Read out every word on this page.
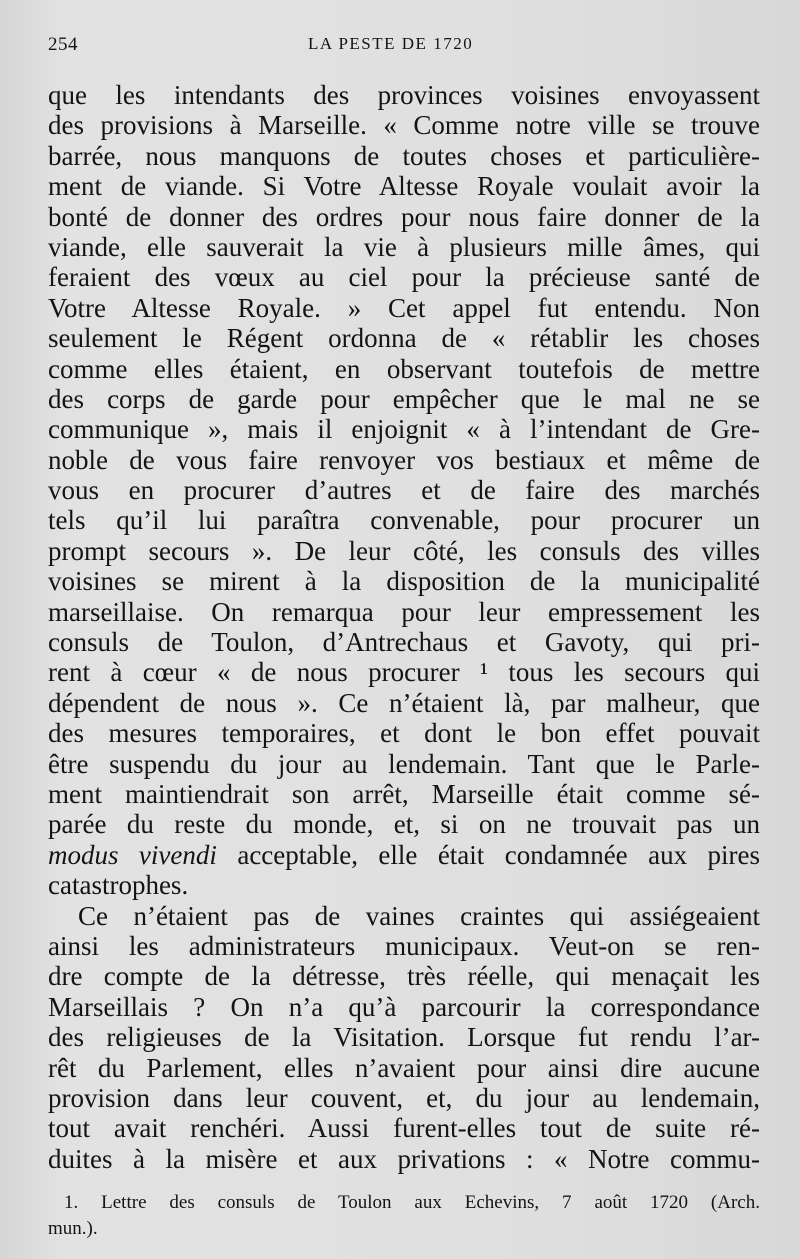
254	LA PESTE DE 1720
que les intendants des provinces voisines envoyassent
des provisions à Marseille. « Comme notre ville se trouve
barrée, nous manquons de toutes choses et particulière-
ment de viande. Si Votre Altesse Royale voulait avoir la
bonté de donner des ordres pour nous faire donner de la
viande, elle sauverait la vie à plusieurs mille âmes, qui
feraient des vœux au ciel pour la précieuse santé de
Votre Altesse Royale. » Cet appel fut entendu. Non
seulement le Régent ordonna de « rétablir les choses
comme elles étaient, en observant toutefois de mettre
des corps de garde pour empêcher que le mal ne se
communique », mais il enjoignit « à l’intendant de Gre-
noble de vous faire renvoyer vos bestiaux et même de
vous en procurer d’autres et de faire des marchés
tels qu’il lui paraîtra convenable, pour procurer un
prompt secours ». De leur côté, les consuls des villes
voisines se mirent à la disposition de la municipalité
marseillaise. On remarqua pour leur empressement les
consuls de Toulon, d’Antrechaus et Gavoty, qui pri-
rent à cœur « de nous procurer ¹ tous les secours qui
dépendent de nous ». Ce n’étaient là, par malheur, que
des mesures temporaires, et dont le bon effet pouvait
être suspendu du jour au lendemain. Tant que le Parle-
ment maintiendrait son arrêt, Marseille était comme sé-
parée du reste du monde, et, si on ne trouvait pas un
modus vivendi acceptable, elle était condamnée aux pires
catastrophes.
Ce n’étaient pas de vaines craintes qui assiégeaient
ainsi les administrateurs municipaux. Veut-on se ren-
dre compte de la détresse, très réelle, qui menaçait les
Marseillais ? On n’a qu’à parcourir la correspondance
des religieuses de la Visitation. Lorsque fut rendu l’ar-
rêt du Parlement, elles n’avaient pour ainsi dire aucune
provision dans leur couvent, et, du jour au lendemain,
tout avait renchéri. Aussi furent-elles tout de suite ré-
duites à la misère et aux privations : « Notre commu-
1. Lettre des consuls de Toulon aux Echevins, 7 août 1720 (Arch.
mun.).
